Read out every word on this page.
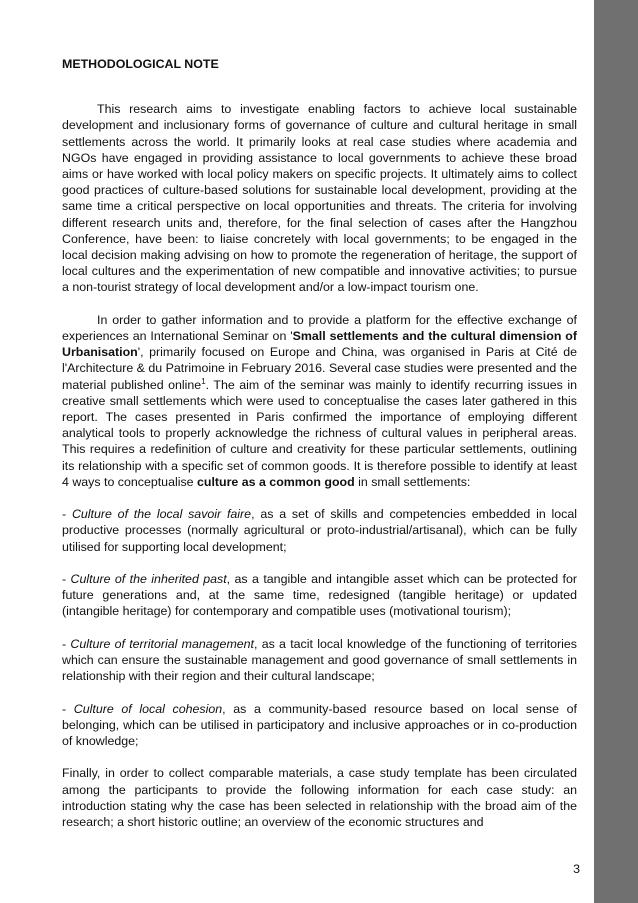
METHODOLOGICAL NOTE

This research aims to investigate enabling factors to achieve local sustainable development and inclusionary forms of governance of culture and cultural heritage in small settlements across the world. It primarily looks at real case studies where academia and NGOs have engaged in providing assistance to local governments to achieve these broad aims or have worked with local policy makers on specific projects. It ultimately aims to collect good practices of culture-based solutions for sustainable local development, providing at the same time a critical perspective on local opportunities and threats. The criteria for involving different research units and, therefore, for the final selection of cases after the Hangzhou Conference, have been: to liaise concretely with local governments; to be engaged in the local decision making advising on how to promote the regeneration of heritage, the support of local cultures and the experimentation of new compatible and innovative activities; to pursue a non-tourist strategy of local development and/or a low-impact tourism one.

In order to gather information and to provide a platform for the effective exchange of experiences an International Seminar on 'Small settlements and the cultural dimension of Urbanisation', primarily focused on Europe and China, was organised in Paris at Cité de l'Architecture & du Patrimoine in February 2016. Several case studies were presented and the material published online$^1$. The aim of the seminar was mainly to identify recurring issues in creative small settlements which were used to conceptualise the cases later gathered in this report. The cases presented in Paris confirmed the importance of employing different analytical tools to properly acknowledge the richness of cultural values in peripheral areas. This requires a redefinition of culture and creativity for these particular settlements, outlining its relationship with a specific set of common goods. It is therefore possible to identify at least 4 ways to conceptualise culture as a common good in small settlements:

- Culture of the local savoir faire, as a set of skills and competencies embedded in local productive processes (normally agricultural or proto-industrial/artisanal), which can be fully utilised for supporting local development;

- Culture of the inherited past, as a tangible and intangible asset which can be protected for future generations and, at the same time, redesigned (tangible heritage) or updated (intangible heritage) for contemporary and compatible uses (motivational tourism);

- Culture of territorial management, as a tacit local knowledge of the functioning of territories which can ensure the sustainable management and good governance of small settlements in relationship with their region and their cultural landscape;

- Culture of local cohesion, as a community-based resource based on local sense of belonging, which can be utilised in participatory and inclusive approaches or in co-production of knowledge;

Finally, in order to collect comparable materials, a case study template has been circulated among the participants to provide the following information for each case study: an introduction stating why the case has been selected in relationship with the broad aim of the research; a short historic outline; an overview of the economic structures and

3
